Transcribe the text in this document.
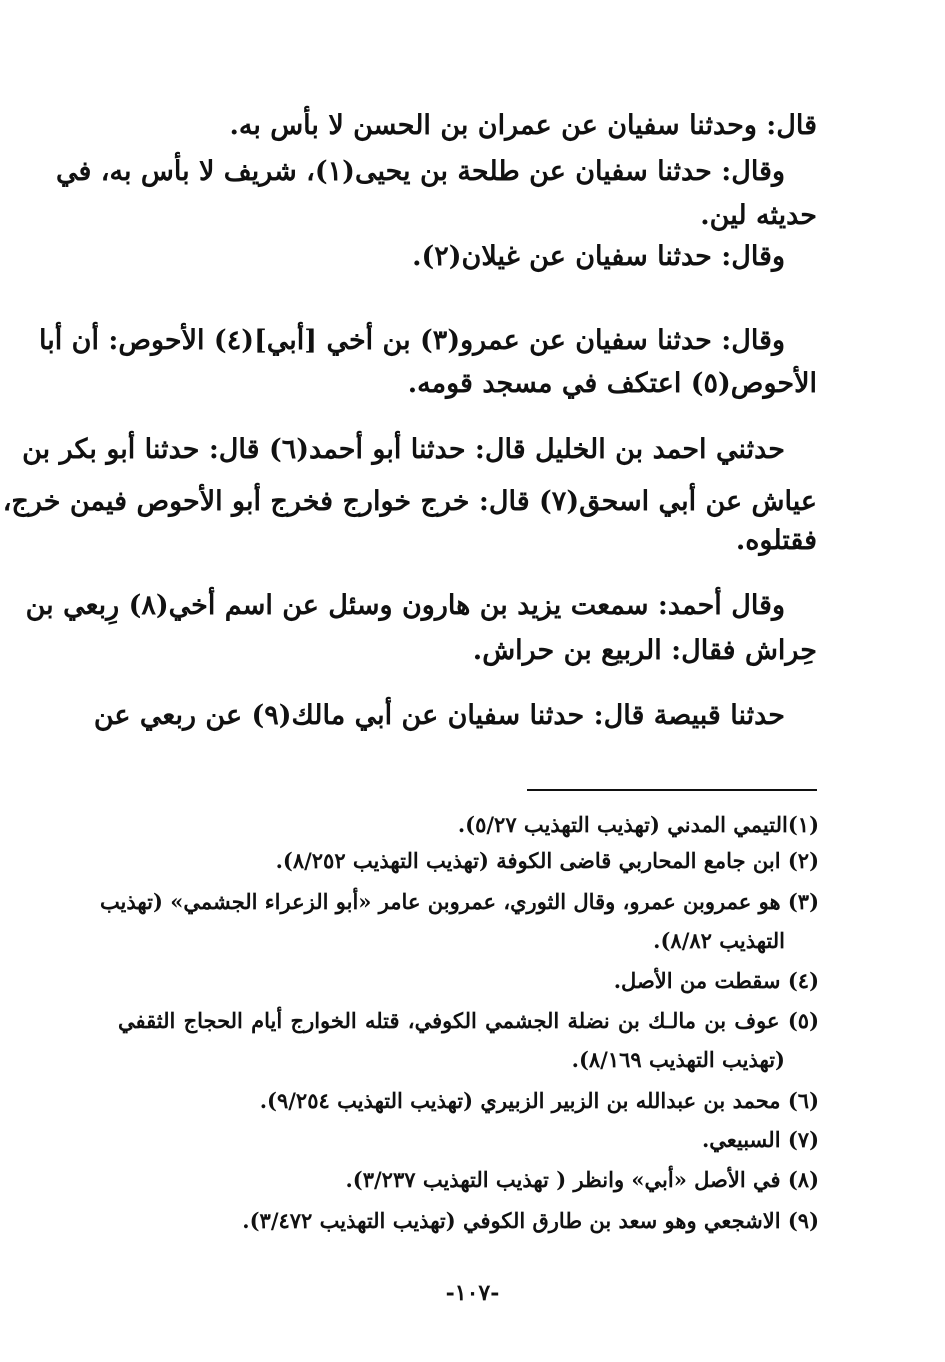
قال: وحدثنا سفيان عن عمران بن الحسن لا بأس به.
وقال: حدثنا سفيان عن طلحة بن يحيى(١)، شريف لا بأس به، في
حديثه لين.
وقال: حدثنا سفيان عن غيلان(٢).
وقال: حدثنا سفيان عن عمرو(٣) بن أخي [أبي](٤) الأحوص: أن أبا
الأحوص(٥) اعتكف في مسجد قومه.
حدثني احمد بن الخليل قال: حدثنا أبو أحمد(٦) قال: حدثنا أبو بكر بن
عياش عن أبي اسحق(٧) قال: خرج خوارج فخرج أبو الأحوص فيمن خرج،
فقتلوه.
وقال أحمد: سمعت يزيد بن هارون وسئل عن اسم أخي(٨) رِبعي بن
حِراش فقال: الربيع بن حراش.
حدثنا قبيصة قال: حدثنا سفيان عن أبي مالك(٩) عن ربعي عن
(١)التيمي المدني (تهذيب التهذيب ٥/٢٧).
(٢) ابن جامع المحاربي قاضى الكوفة (تهذيب التهذيب ٨/٢٥٢).
(٣) هو عمروبن عمرو، وقال الثوري، عمروبن عامر «أبو الزعراء الجشمي» (تهذيب
التهذيب ٨/٨٢).
(٤) سقطت من الأصل.
(٥) عوف بن مالـك بن نضلة الجشمي الكوفي، قتله الخوارج أيام الحجاج الثقفي
(تهذيب التهذيب ٨/١٦٩).
(٦) محمد بن عبدالله بن الزبير الزبيري (تهذيب التهذيب ٩/٢٥٤).
(٧) السبيعي.
(٨) في الأصل «أبي» وانظر ( تهذيب التهذيب ٣/٢٣٧).
(٩) الاشجعي وهو سعد بن طارق الكوفي (تهذيب التهذيب ٣/٤٧٢).
-١٠٧-
